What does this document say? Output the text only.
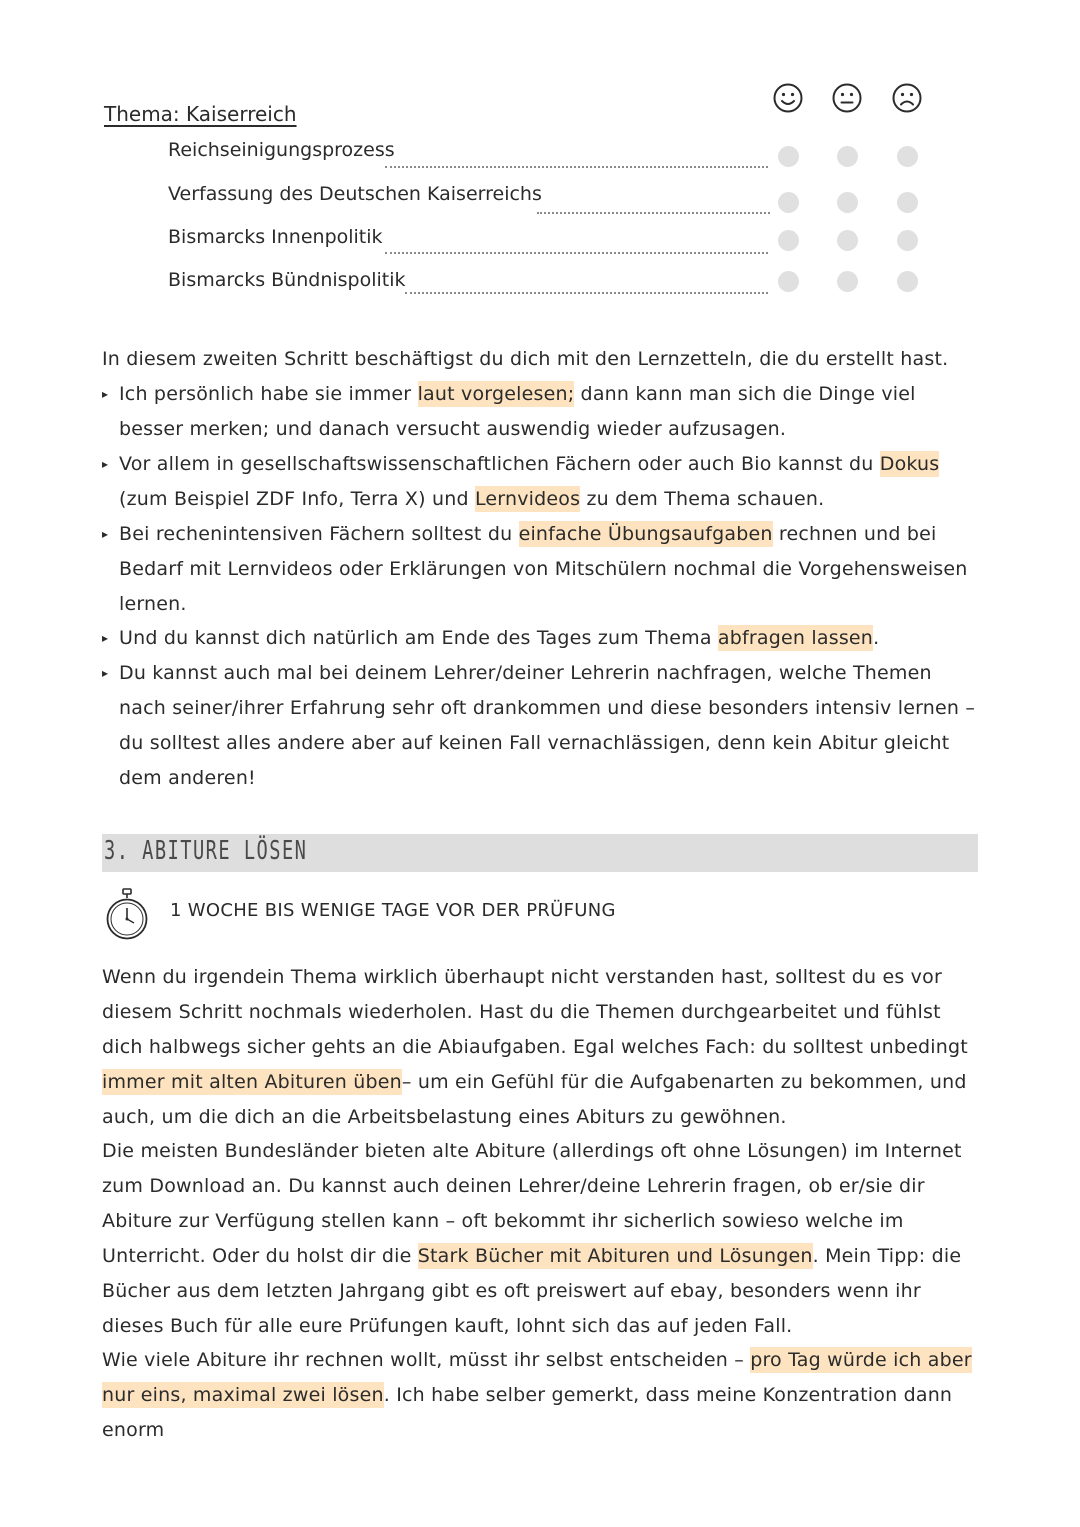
Thema: Kaiserreich
Reichseinigungsprozess
Verfassung des Deutschen Kaiserreichs
Bismarcks Innenpolitik
Bismarcks Bündnispolitik
In diesem zweiten Schritt beschäftigst du dich mit den Lernzetteln, die du erstellt hast.
▸ Ich persönlich habe sie immer laut vorgelesen; dann kann man sich die Dinge viel besser merken; und danach versucht auswendig wieder aufzusagen.
▸ Vor allem in gesellschaftswissenschaftlichen Fächern oder auch Bio kannst du Dokus (zum Beispiel ZDF Info, Terra X) und Lernvideos zu dem Thema schauen.
▸ Bei rechenintensiven Fächern solltest du einfache Übungsaufgaben rechnen und bei Bedarf mit Lernvideos oder Erklärungen von Mitschülern nochmal die Vorgehensweisen lernen.
▸ Und du kannst dich natürlich am Ende des Tages zum Thema abfragen lassen.
▸ Du kannst auch mal bei deinem Lehrer/deiner Lehrerin nachfragen, welche Themen nach seiner/ihrer Erfahrung sehr oft drankommen und diese besonders intensiv lernen – du solltest alles andere aber auf keinen Fall vernachlässigen, denn kein Abitur gleicht dem anderen!
3. ABITURE LÖSEN
1 WOCHE BIS WENIGE TAGE VOR DER PRÜFUNG
Wenn du irgendein Thema wirklich überhaupt nicht verstanden hast, solltest du es vor diesem Schritt nochmals wiederholen. Hast du die Themen durchgearbeitet und fühlst dich halbwegs sicher gehts an die Abiaufgaben. Egal welches Fach: du solltest unbedingt immer mit alten Abituren üben– um ein Gefühl für die Aufgabenarten zu bekommen, und auch, um die dich an die Arbeitsbelastung eines Abiturs zu gewöhnen.
Die meisten Bundesländer bieten alte Abiture (allerdings oft ohne Lösungen) im Internet zum Download an. Du kannst auch deinen Lehrer/deine Lehrerin fragen, ob er/sie dir Abiture zur Verfügung stellen kann – oft bekommt ihr sicherlich sowieso welche im Unterricht. Oder du holst dir die Stark Bücher mit Abituren und Lösungen. Mein Tipp: die Bücher aus dem letzten Jahrgang gibt es oft preiswert auf ebay, besonders wenn ihr dieses Buch für alle eure Prüfungen kauft, lohnt sich das auf jeden Fall.
Wie viele Abiture ihr rechnen wollt, müsst ihr selbst entscheiden – pro Tag würde ich aber nur eins, maximal zwei lösen. Ich habe selber gemerkt, dass meine Konzentration dann enorm
